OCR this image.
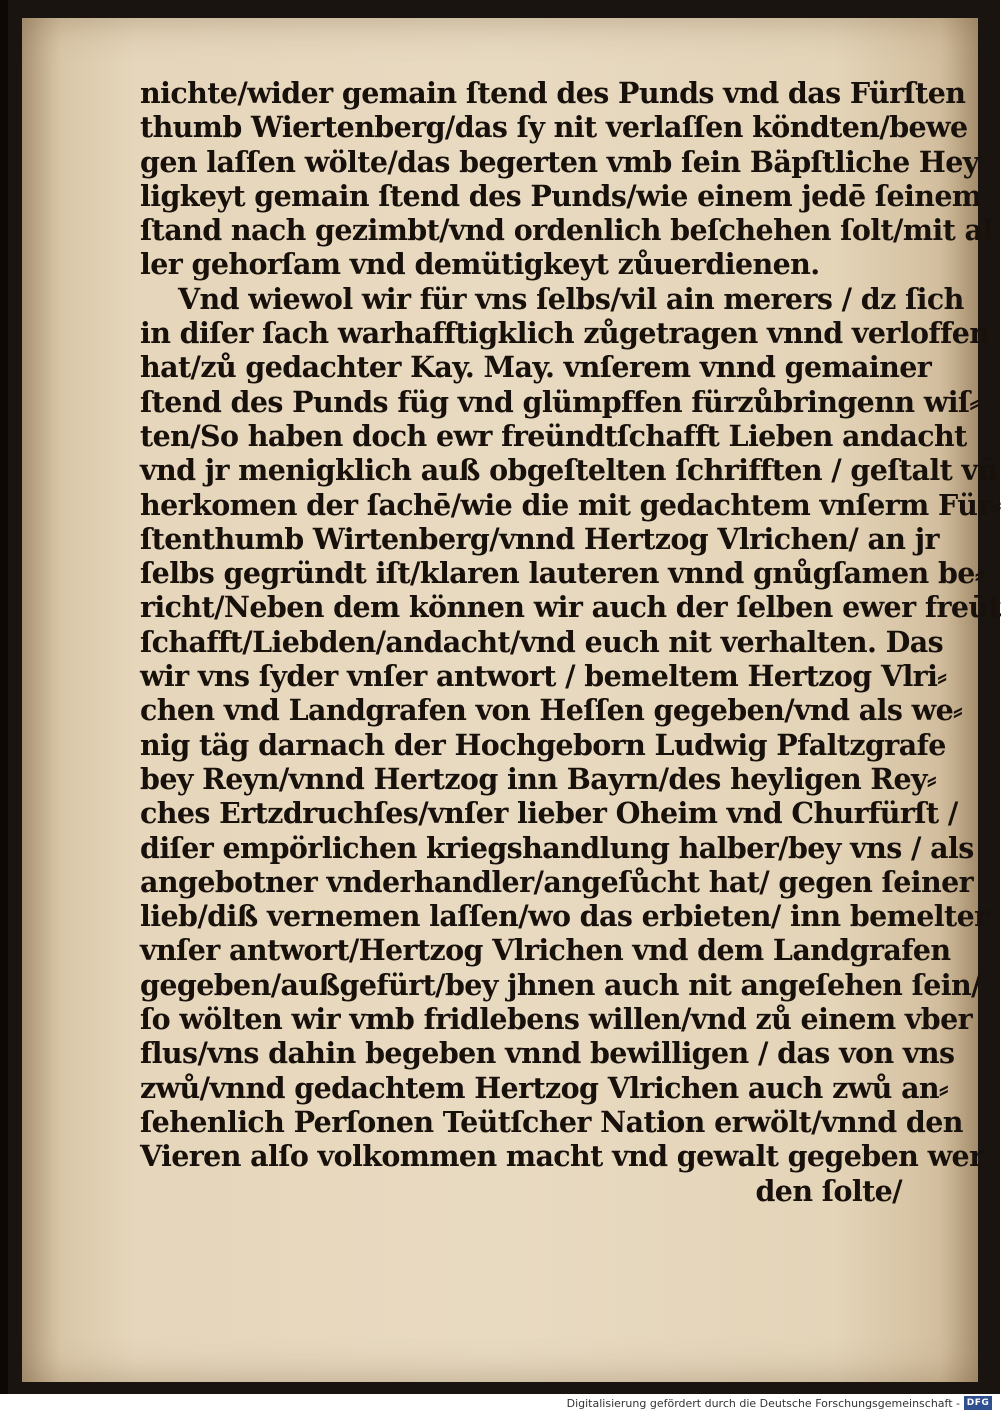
nichte/wider gemain ſtend des Punds vnd das Fürſten
thumb Wiertenberg/das ſy nit verlaſſen köndten/bewe
gen laſſen wölte/das begerten vmb ſein Bäpſtliche Hey
ligkeyt gemain ſtend des Punds/wie einem jedē ſeinem
ſtand nach gezimbt/vnd ordenlich beſchehen ſolt/mit al
ler gehorſam vnd demütigkeyt zůuerdienen.
Vnd wiewol wir für vns ſelbs/vil ain merers / dz ſich
in diſer ſach warhafftigklich zůgetragen vnnd verloffen
hat/zů gedachter Kay. May. vnſerem vnnd gemainer
ſtend des Punds füg vnd glümpffen fürzůbringenn wiſ⸗
ten/So haben doch ewr freündtſchafft Lieben andacht
vnd jr menigklich auß obgeſtelten ſchrifften / geſtalt vñ
herkomen der ſachē/wie die mit gedachtem vnſerm Für⸗
ſtenthumb Wirtenberg/vnnd Hertzog Vlrichen/ an jr
ſelbs gegründt iſt/klaren lauteren vnnd gnůgſamen be⸗
richt/Neben dem können wir auch der ſelben ewer freūt
ſchafft/Liebden/andacht/vnd euch nit verhalten. Das
wir vns ſyder vnſer antwort / bemeltem Hertzog Vlri⸗
chen vnd Landgrafen von Heſſen gegeben/vnd als we⸗
nig täg darnach der Hochgeborn Ludwig Pfaltzgrafe
bey Reyn/vnnd Hertzog inn Bayrn/des heyligen Rey⸗
ches Ertzdruchſes/vnſer lieber Oheim vnd Churfürſt /
diſer empörlichen kriegshandlung halber/bey vns / als
angebotner vnderhandler/angeſůcht hat/ gegen ſeiner
lieb/diß vernemen laſſen/wo das erbieten/ inn bemelter
vnſer antwort/Hertzog Vlrichen vnd dem Landgrafen
gegeben/außgefürt/bey jhnen auch nit angeſehen ſein/
ſo wölten wir vmb fridlebens willen/vnd zů einem vber
flus/vns dahin begeben vnnd bewilligen / das von vns
zwů/vnnd gedachtem Hertzog Vlrichen auch zwů an⸗
ſehenlich Perſonen Teütſcher Nation erwölt/vnnd den
Vieren alſo volkommen macht vnd gewalt gegeben wer
den ſolte/
Digitalisierung gefördert durch die Deutsche Forschungsgemeinschaft - DFG
